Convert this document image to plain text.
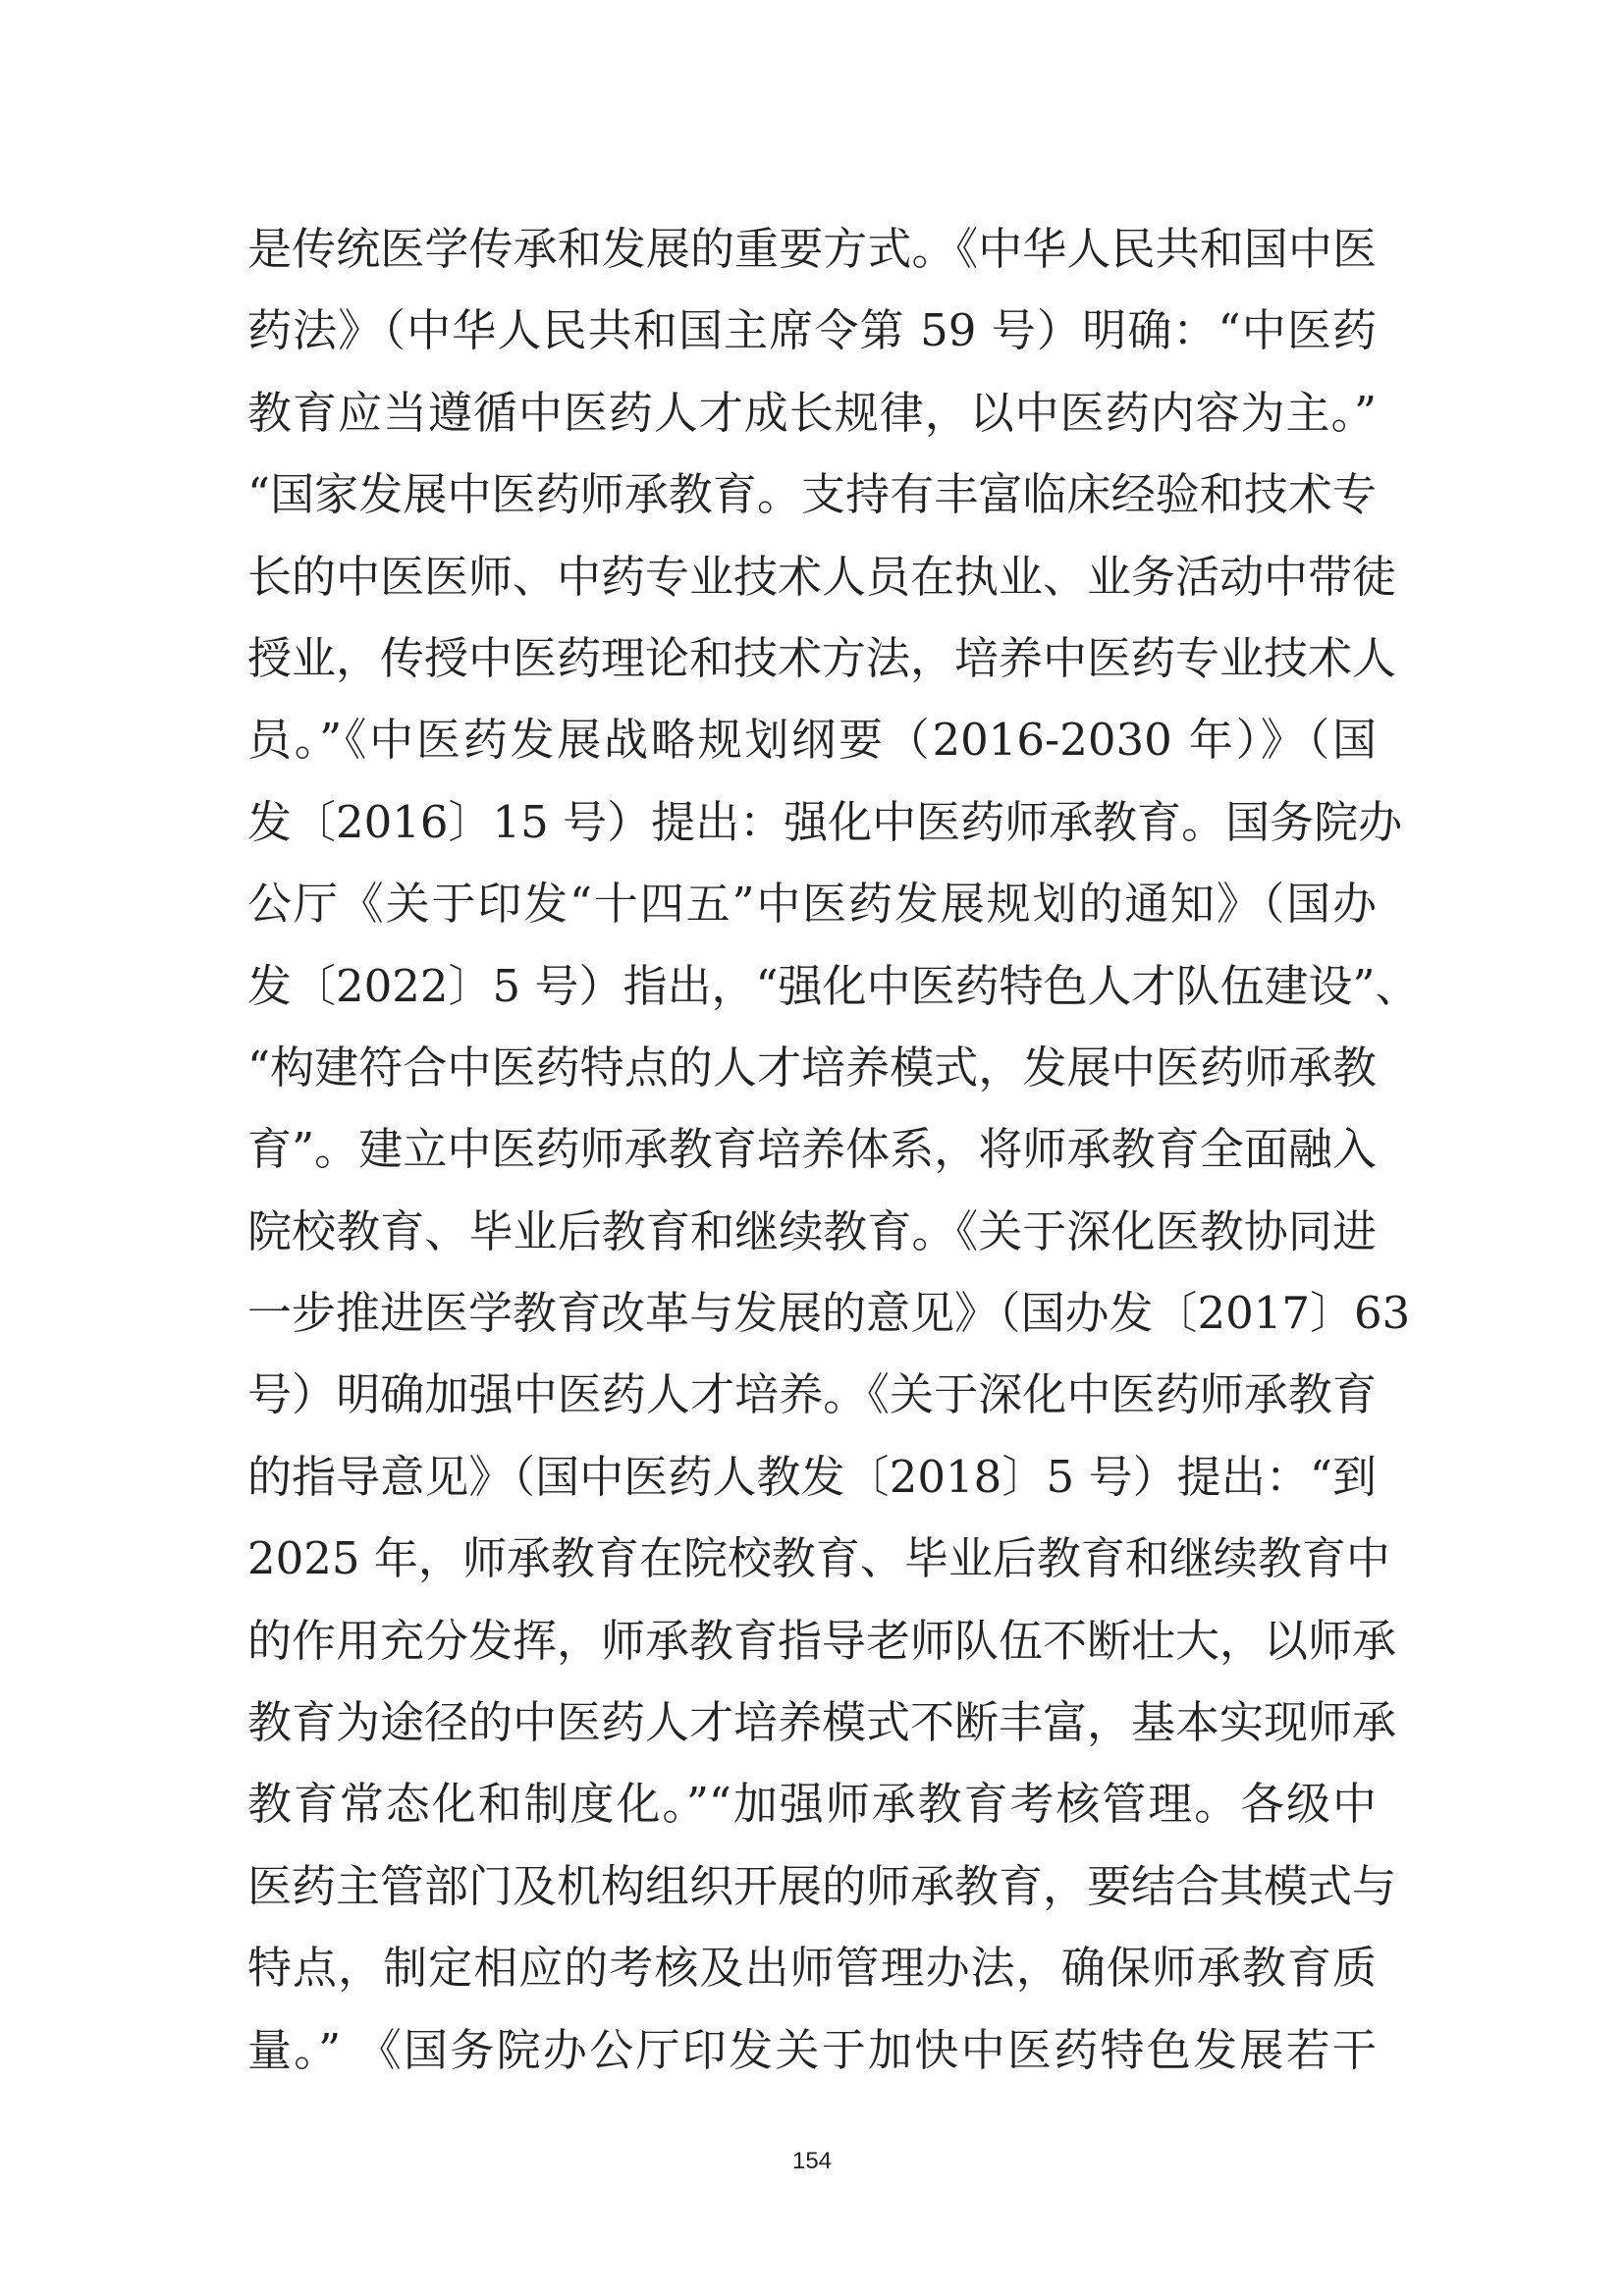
是传统医学传承和发展的重要方式。《中华人民共和国中医
药法》（中华人民共和国主席令第 59 号）明确：“中医药
教育应当遵循中医药人才成长规律，以中医药内容为主。”
“国家发展中医药师承教育。支持有丰富临床经验和技术专
长的中医医师、中药专业技术人员在执业、业务活动中带徒
授业，传授中医药理论和技术方法，培养中医药专业技术人
员。”《中医药发展战略规划纲要（2016-2030 年）》（国
发〔2016〕15 号）提出：强化中医药师承教育。国务院办
公厅《关于印发“十四五”中医药发展规划的通知》（国办
发〔2022〕5 号）指出，“强化中医药特色人才队伍建设”、
“构建符合中医药特点的人才培养模式，发展中医药师承教
育”。建立中医药师承教育培养体系，将师承教育全面融入
院校教育、毕业后教育和继续教育。《关于深化医教协同进
一步推进医学教育改革与发展的意见》（国办发〔2017〕63
号）明确加强中医药人才培养。《关于深化中医药师承教育
的指导意见》（国中医药人教发〔2018〕5 号）提出：“到
2025 年，师承教育在院校教育、毕业后教育和继续教育中
的作用充分发挥，师承教育指导老师队伍不断壮大，以师承
教育为途径的中医药人才培养模式不断丰富，基本实现师承
教育常态化和制度化。”“加强师承教育考核管理。各级中
医药主管部门及机构组织开展的师承教育，要结合其模式与
特点，制定相应的考核及出师管理办法，确保师承教育质
量。” 《国务院办公厅印发关于加快中医药特色发展若干
154
